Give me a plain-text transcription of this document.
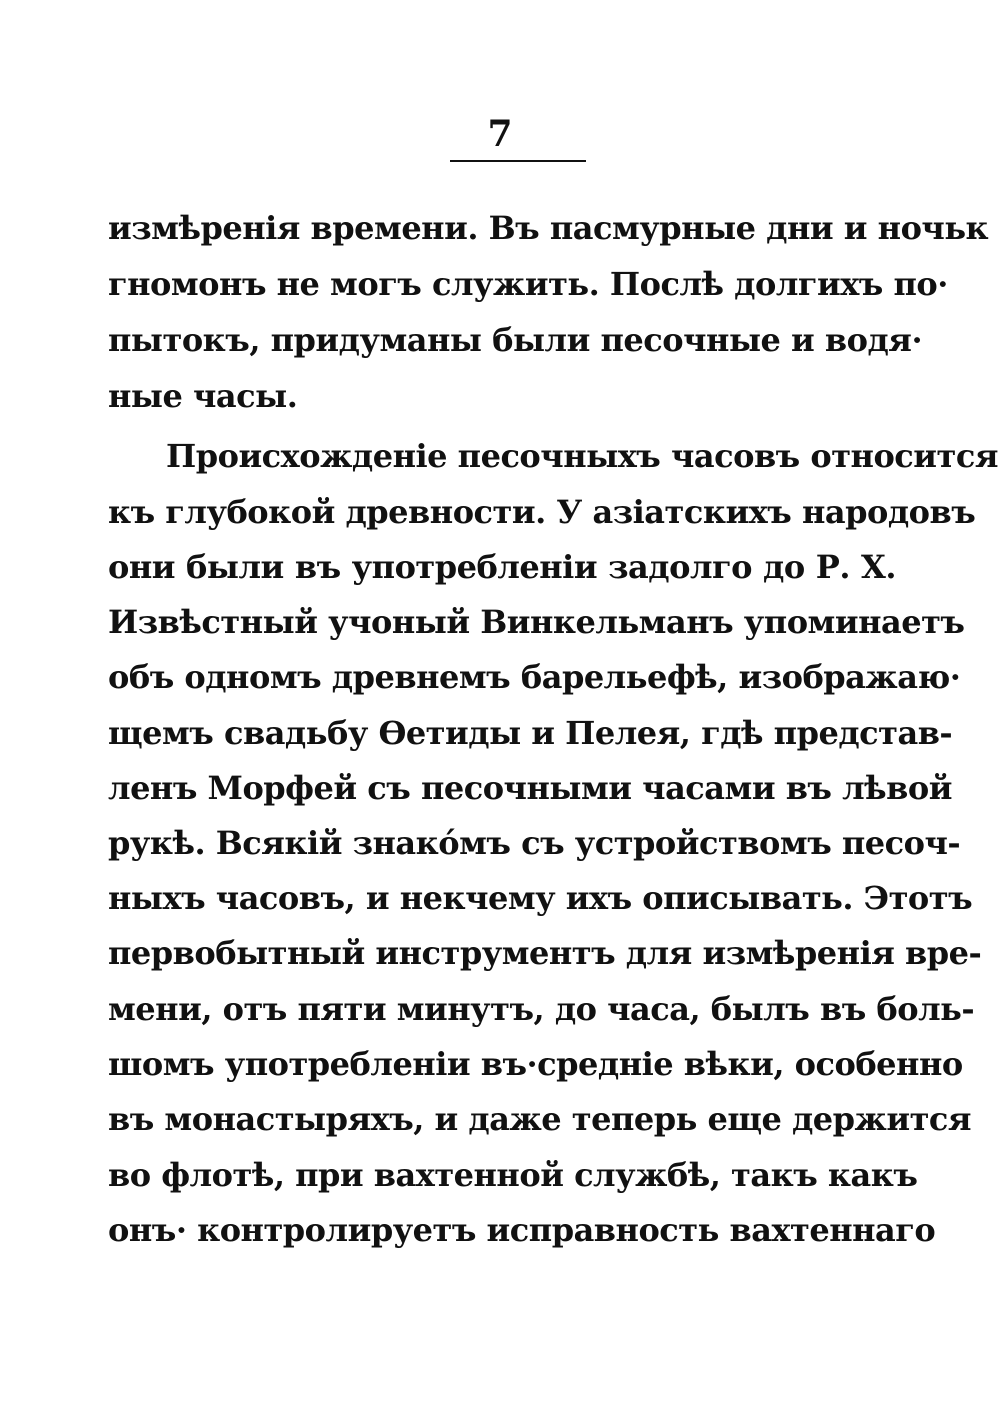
7
измѣренія времени. Въ пасмурные дни и ночьк
гномонъ не могъ служить. Послѣ долгихъ по·
пытокъ, придуманы были песочные и водя·
ные часы.
Происхожденіе песочныхъ часовъ относится
къ глубокой древности. У азіатскихъ народовъ
они были въ употребленіи задолго до Р. Х.
Извѣстный учоный Винкельманъ упоминаетъ
объ одномъ древнемъ барельефѣ, изображаю·
щемъ свадьбу Ѳетиды и Пелея, гдѣ представ-
ленъ Морфей съ песочными часами въ лѣвой
рукѣ. Всякій знакóмъ съ устройствомъ песоч-
ныхъ часовъ, и некчему ихъ описывать. Этотъ
первобытный инструментъ для измѣренія вре-
мени, отъ пяти минутъ, до часа, былъ въ боль-
шомъ употребленіи въ·средніе вѣки, особенно
въ монастыряхъ, и даже теперь еще держится
во флотѣ, при вахтенной службѣ, такъ какъ
онъ· контролируетъ исправность вахтеннаго
